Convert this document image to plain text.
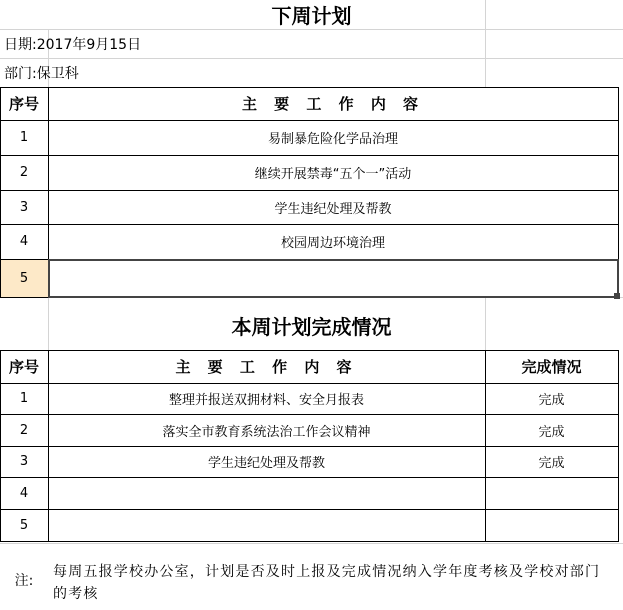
下周计划
日期: 2017年9月15日
部门: 保卫科
序号	主 要 工 作 内 容
1	易制暴危险化学品治理
2	继续开展禁毒“五个一”活动
3	学生违纪处理及帮教
4	校园周边环境治理
5
本周计划完成情况
序号	主 要 工 作 内 容	完成情况
1	整理并报送双拥材料、安全月报表	完成
2	落实全市教育系统法治工作会议精神	完成
3	学生违纪处理及帮教	完成
4
5
注:
每周五报学校办公室，计划是否及时上报及完成情况纳入学年度考核及学校对部门的考核
